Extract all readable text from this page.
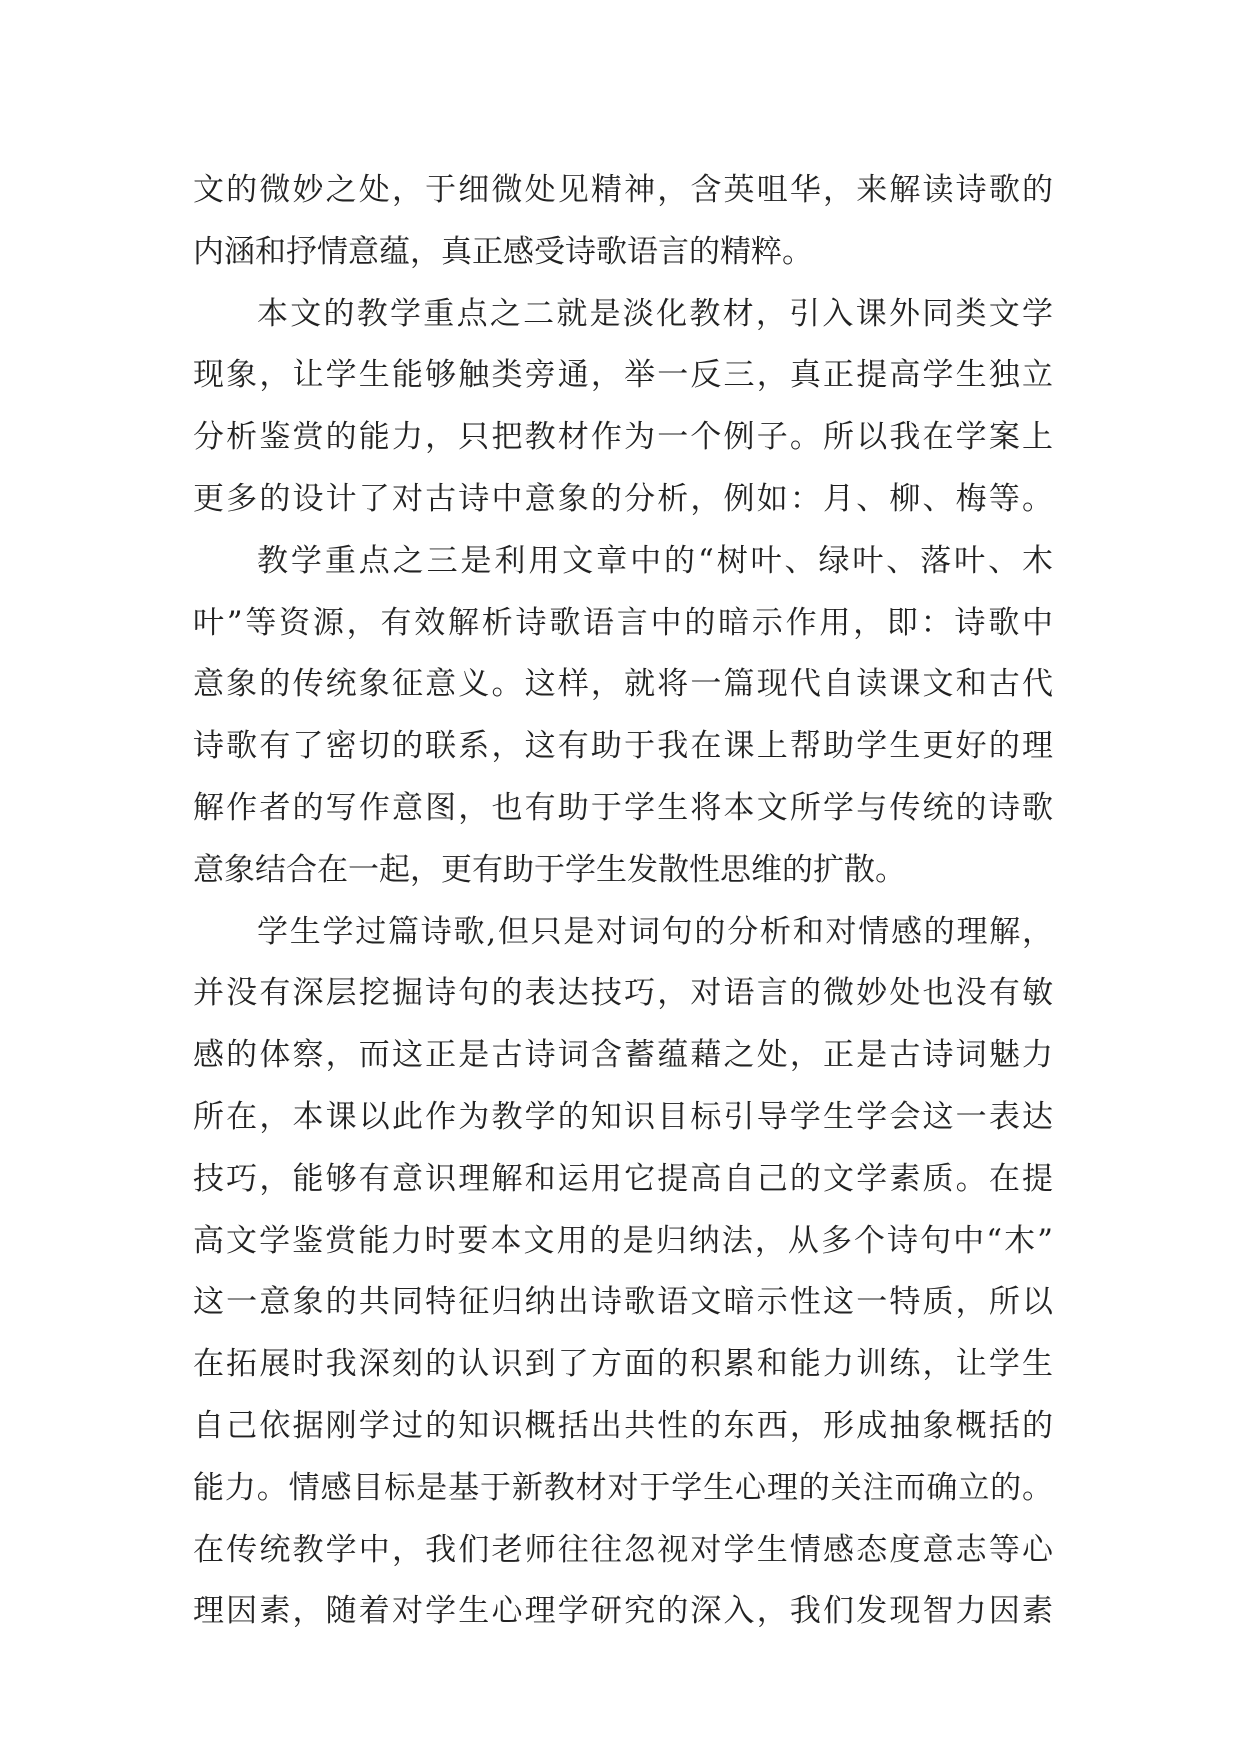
文的微妙之处，于细微处见精神，含英咀华，来解读诗歌的
内涵和抒情意蕴，真正感受诗歌语言的精粹。
本文的教学重点之二就是淡化教材，引入课外同类文学
现象，让学生能够触类旁通，举一反三，真正提高学生独立
分析鉴赏的能力，只把教材作为一个例子。所以我在学案上
更多的设计了对古诗中意象的分析，例如：月、柳、梅等。
教学重点之三是利用文章中的“树叶、绿叶、落叶、木
叶”等资源，有效解析诗歌语言中的暗示作用，即：诗歌中
意象的传统象征意义。这样，就将一篇现代自读课文和古代
诗歌有了密切的联系，这有助于我在课上帮助学生更好的理
解作者的写作意图，也有助于学生将本文所学与传统的诗歌
意象结合在一起，更有助于学生发散性思维的扩散。
学生学过篇诗歌,但只是对词句的分析和对情感的理解，
并没有深层挖掘诗句的表达技巧，对语言的微妙处也没有敏
感的体察，而这正是古诗词含蓄蕴藉之处，正是古诗词魅力
所在，本课以此作为教学的知识目标引导学生学会这一表达
技巧，能够有意识理解和运用它提高自己的文学素质。在提
高文学鉴赏能力时要本文用的是归纳法，从多个诗句中“木”
这一意象的共同特征归纳出诗歌语文暗示性这一特质，所以
在拓展时我深刻的认识到了方面的积累和能力训练，让学生
自己依据刚学过的知识概括出共性的东西，形成抽象概括的
能力。情感目标是基于新教材对于学生心理的关注而确立的。
在传统教学中，我们老师往往忽视对学生情感态度意志等心
理因素，随着对学生心理学研究的深入，我们发现智力因素
